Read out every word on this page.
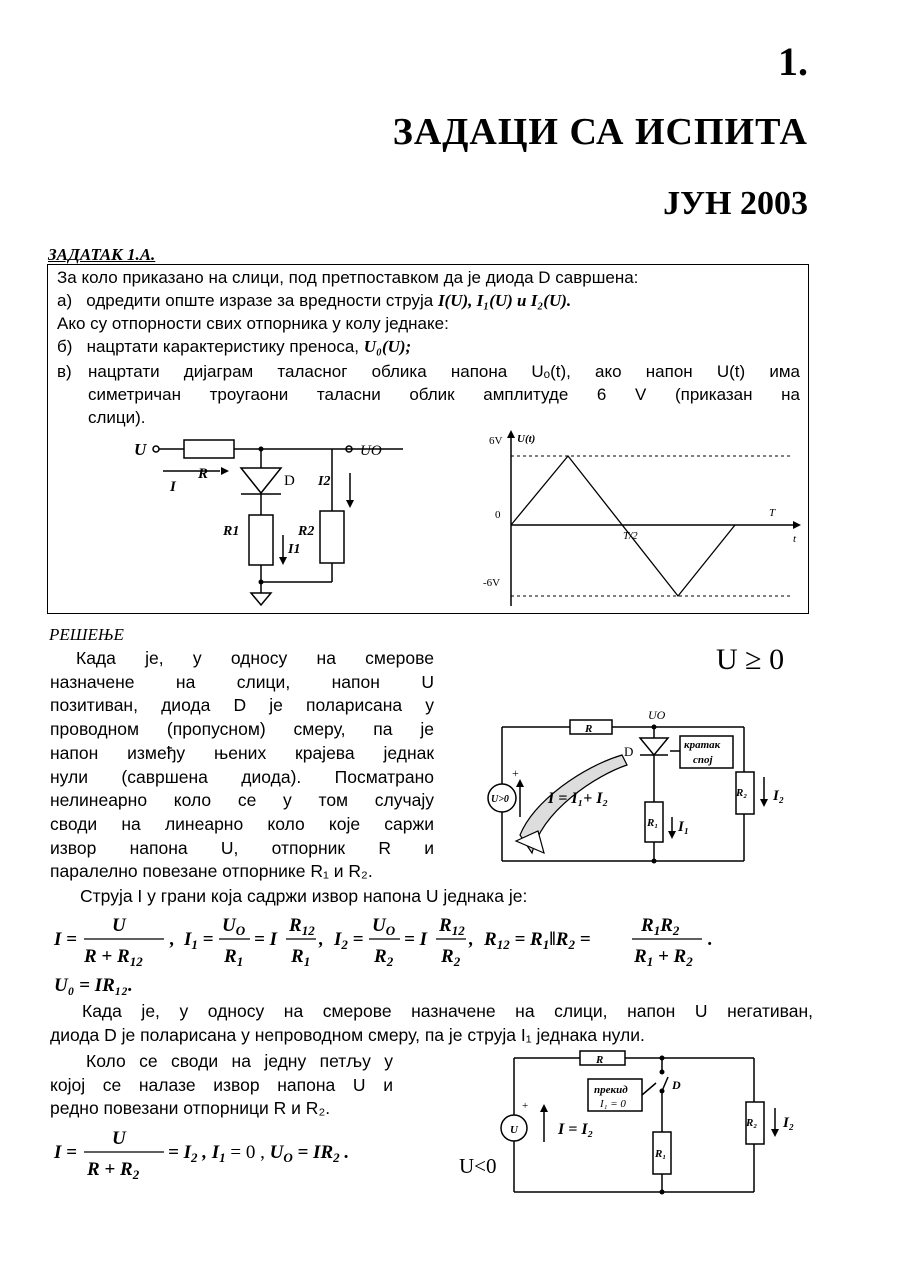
1.
ЗАДАЦИ СА ИСПИТА
ЈУН 2003
ЗАДАТАК 1.А.
За коло приказано на слици, под претпоставком да је диода D савршена:
а) одредити опште изразе за вредности струја I(U), I₁(U) и I₂(U).
Ако су отпорности свих отпорника у колу једнаке:
б) нацртати карактеристику преноса, U₀(U);
в) нацртати дијаграм таласног облика напона Uₒ(t), ако напон U(t) има
симетричан троугаони таласни облик амплитуде 6 V (приказан на
слици).
U	UO
I
R	D
R1
I1
R2
I2
U(t)
6V
0
-6V
T/2
T
t
РЕШЕЊЕ
U ≥ 0
Када је, у односу на смерове
назначене на слици, напон U
позитиван, диода D је поларисана у
проводном (пропусном) смеру, па је
напон између њених крајева једнак
нули (савршена диода). Посматрано
нелинеарно коло се у том случају
своди на линеарно коло које саржи
извор напона U, отпорник R и
паралелно повезане отпорнике R₁ и R₂.
R
UO
D	кратак
спој
U>0
+
I = I₁+ I₂
R₁ I₁
R₂ I₂
Струја I у грани која садржи извор напона U једнака је:
I =
U
$R + R_{12}$
, $I_1$ =
$U_O$
$R_1$
= I
$R_{12}$
$R_1$
, $I_2$ =
$U_O$
$R_2$
= I
$R_{12}$
$R_2$
, $R_{12}$ = $R_1‖R_2$ =
$R_1R_2$
$R_1 + R_2$
.
U₀ = IR₁₂.
Када је, у односу на смерове назначене на слици, напон U негативан,
диода D је поларисана у непроводном смеру, па је струја I₁ једнака нули.
Коло се своди на једну петљу у
којој се налазе извор напона U и
редно повезани отпорници R и R₂.
I =
U
$R + R_2$
= $I_2$ , $I_1 = 0$ , $U_O = IR_2$ .
U<0
R
прекид
I₁ = 0
D
U
+
I = I₂
R₁
R₂ I₂
